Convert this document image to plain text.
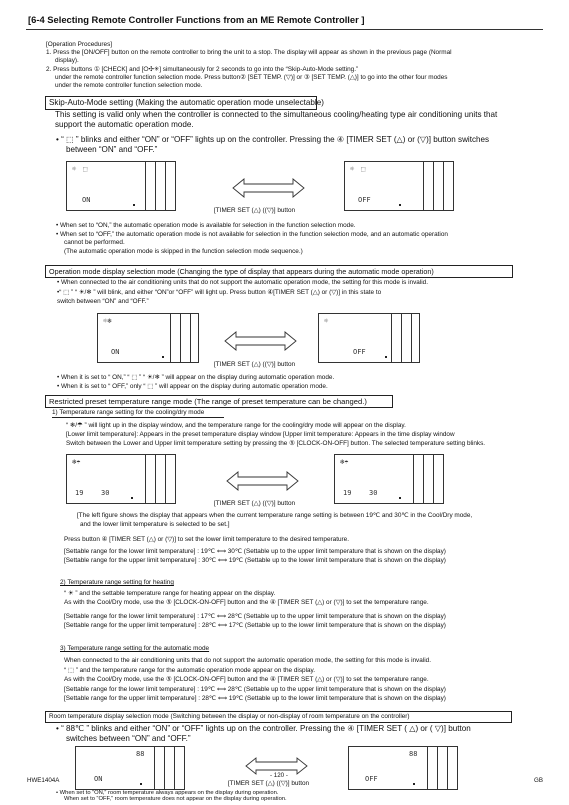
[6-4 Selecting Remote Controller Functions from an ME Remote Controller ]
[Operation Procedures]
1. Press the [ON/OFF] button on the remote controller to bring the unit to a stop. The display will appear as shown in the previous page (Normal
display).
2. Press buttons ① [CHECK] and [⭘✣✳] simultaneously for 2 seconds to go into the “Skip-Auto-Mode setting.”
under the remote controller function selection mode. Press button② [SET TEMP. (▽)] or ③ [SET TEMP. (△)] to go into the other four modes
under the remote controller function selection mode.
Skip-Auto-Mode setting (Making the automatic operation mode unselectable)
This setting is valid only when the controller is connected to the simultaneous cooling/heating type air conditioning units that
support the automatic operation mode.
• “ ⬚ ” blinks and either “ON” or “OFF” lights up on the controller. Pressing the ④ [TIMER SET (△) or (▽)] button switches
between “ON” and “OFF.”
☼ ⬚
ON
[TIMER SET (△) ((▽)] button
☼ ⬚
OFF
• When set to “ON,” the automatic operation mode is available for selection in the function selection mode.
• When set to “OFF,” the automatic operation mode is not available for selection in the function selection mode, and an automatic operation
cannot be performed.
(The automatic operation mode is skipped in the function selection mode sequence.)
Operation mode display selection mode (Changing the type of display that appears during the automatic mode operation)
• When connected to the air conditioning units that do not support the automatic operation mode, the setting for this mode is invalid.
•“ ⬚ ” “ ☀/❄ ” will blink, and either “ON”or “OFF” will light up. Press button ④[TIMER SET (△) or (▽)] in this state to
switch between “ON” and “OFF.”
☼❄
ON
[TIMER SET (△) ((▽)] button
☼
OFF
• When it is set to “ ON,” “ ⬚ ” “ ☀/❄ ” will appear on the display during automatic operation mode.
• When it is set to “ OFF,” only “ ⬚ ” will appear on the display during automatic operation mode.
Restricted preset temperature range mode (The range of preset temperature can be changed.)
1) Temperature range setting for the cooling/dry mode
“ ❄/☂ ” will light up in the display window, and the temperature range for the cooling/dry mode will appear on the display.
[Lower limit temperature]: Appears in the preset temperature display window [Upper limit temperature: Appears in the time display window
Switch between the Lower and Upper limit temperature setting by pressing the ⑤ [CLOCK-ON-OFF] button. The selected temperature setting blinks.
❄☂
19	30
[TIMER SET (△) ((▽)] button
❄☂
19	30
[The left figure shows the display that appears when the current temperature range setting is between 19℃ and 30℃ in the Cool/Dry mode,
and the lower limit temperature is selected to be set.]
Press button ④ [TIMER SET (△) or (▽)] to set the lower limit temperature to the desired temperature.
[Settable range for the lower limit temperature] : 19℃ ⟺ 30℃ (Settable up to the upper limit temperature that is shown on the display)
[Settable range for the upper limit temperature] : 30℃ ⟺ 19℃ (Settable up to the lower limit temperature that is shown on the display)
2) Temperature range setting for heating
“ ☀ ” and the settable temperature range for heating appear on the display.
As with the Cool/Dry mode, use the ⑤ [CLOCK-ON-OFF] button and the ④ [TIMER SET (△) or (▽)] to set the temperature range.
[Settable range for the lower limit temperature] : 17℃ ⟺ 28℃ (Settable up to the upper limit temperature that is shown on the display)
[Settable range for the upper limit temperature] : 28℃ ⟺ 17℃ (Settable up to the lower limit temperature that is shown on the display)
3) Temperature range setting for the automatic mode
When connected to the air conditioning units that do not support the automatic operation mode, the setting for this mode is invalid.
“ ⬚ ” and the temperature range for the automatic operation mode appear on the display.
As with the Cool/Dry mode, use the ⑤ [CLOCK-ON-OFF] button and the ④ [TIMER SET (△) or (▽)] to set the temperature range.
[Settable range for the lower limit temperature] : 19℃ ⟺ 28℃ (Settable up to the upper limit temperature that is shown on the display)
[Settable range for the upper limit temperature] : 28℃ ⟺ 19℃ (Settable up to the lower limit temperature that is shown on the display)
Room temperature display selection mode (Switching between the display or non-display of room temperature on the controller)
• “ 88℃ ” blinks and either “ON” or “OFF” lights up on the controller. Pressing the ④ [TIMER SET ( △) or ( ▽)] button
switches between “ON” and “OFF.”
88
ON
[TIMER SET (△) ((▽)] button
88
OFF
• When set to “ON,” room temperature always appears on the display during operation.
When set to “OFF,” room temperature does not appear on the display during operation.
HWE1404A
- 120 -
GB
